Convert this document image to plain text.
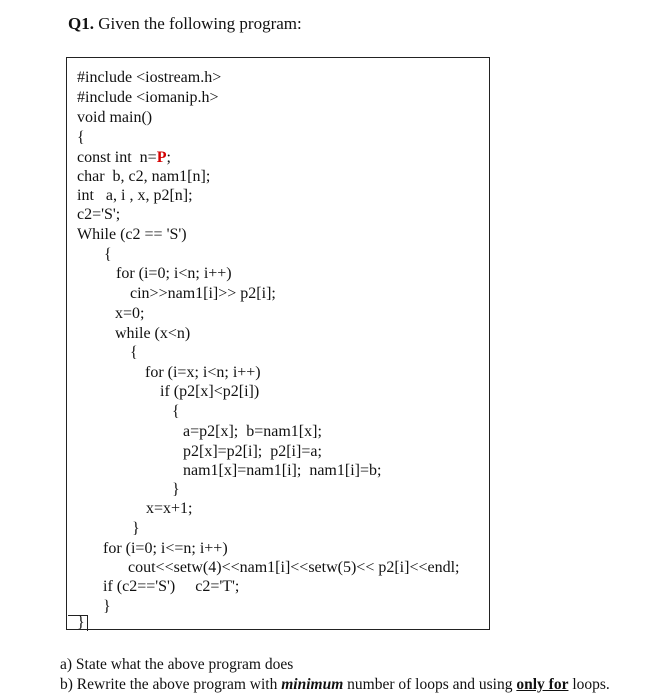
Q1. Given the following program:
#include <iostream.h>
#include <iomanip.h>
void main()
{
const int  n=P;
char  b, c2, nam1[n];
int   a, i , x, p2[n];
c2='S';
While (c2 == 'S')
{
for (i=0; i<n; i++)
cin>>nam1[i]>> p2[i];
x=0;
while (x<n)
{
for (i=x; i<n; i++)
if (p2[x]<p2[i])
{
a=p2[x];  b=nam1[x];
p2[x]=p2[i];  p2[i]=a;
nam1[x]=nam1[i];  nam1[i]=b;
}
x=x+1;
}
for (i=0; i<=n; i++)
cout<<setw(4)<<nam1[i]<<setw(5)<< p2[i]<<endl;
if (c2=='S')     c2='T';
}
}
a) State what the above program does
b) Rewrite the above program with minimum number of loops and using only for loops.
